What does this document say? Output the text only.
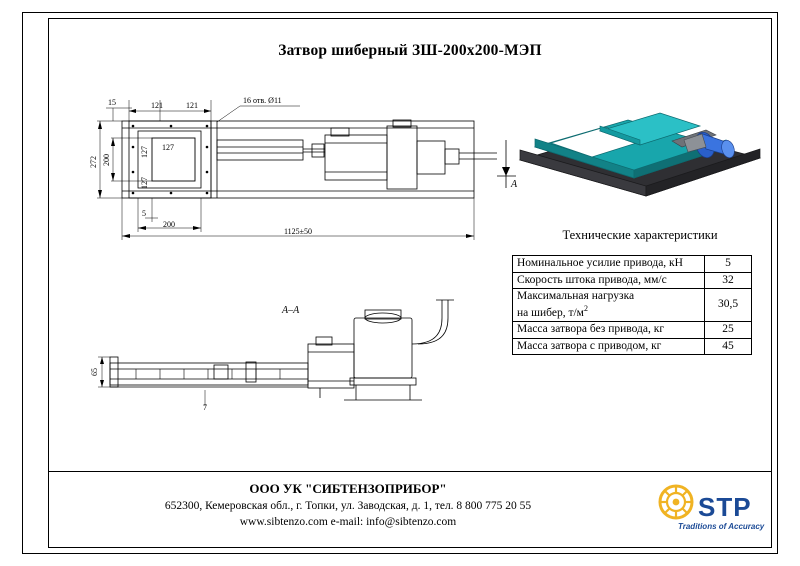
Затвор шиберный ЗШ-200х200-МЭП
A
15	121	121
16 отв. Ø11
272 200
127
127
127
5
200
1125±50
А–А
65
7
Технические характеристики
Номинальное усилие привода, кН	5
Скорость штока привода, мм/с	32
Максимальная нагрузка
на шибер, $т/м^2$	30,5
Масса затвора без привода, кг	25
Масса затвора с приводом, кг	45
ООО УК "СИБТЕНЗОПРИБОР"
652300, Кемеровская обл., г. Топки, ул. Заводская, д. 1, тел. 8 800 775 20 55
www.sibtenzo.com e-mail: info@sibtenzo.com	STP
Traditions of Accuracy
